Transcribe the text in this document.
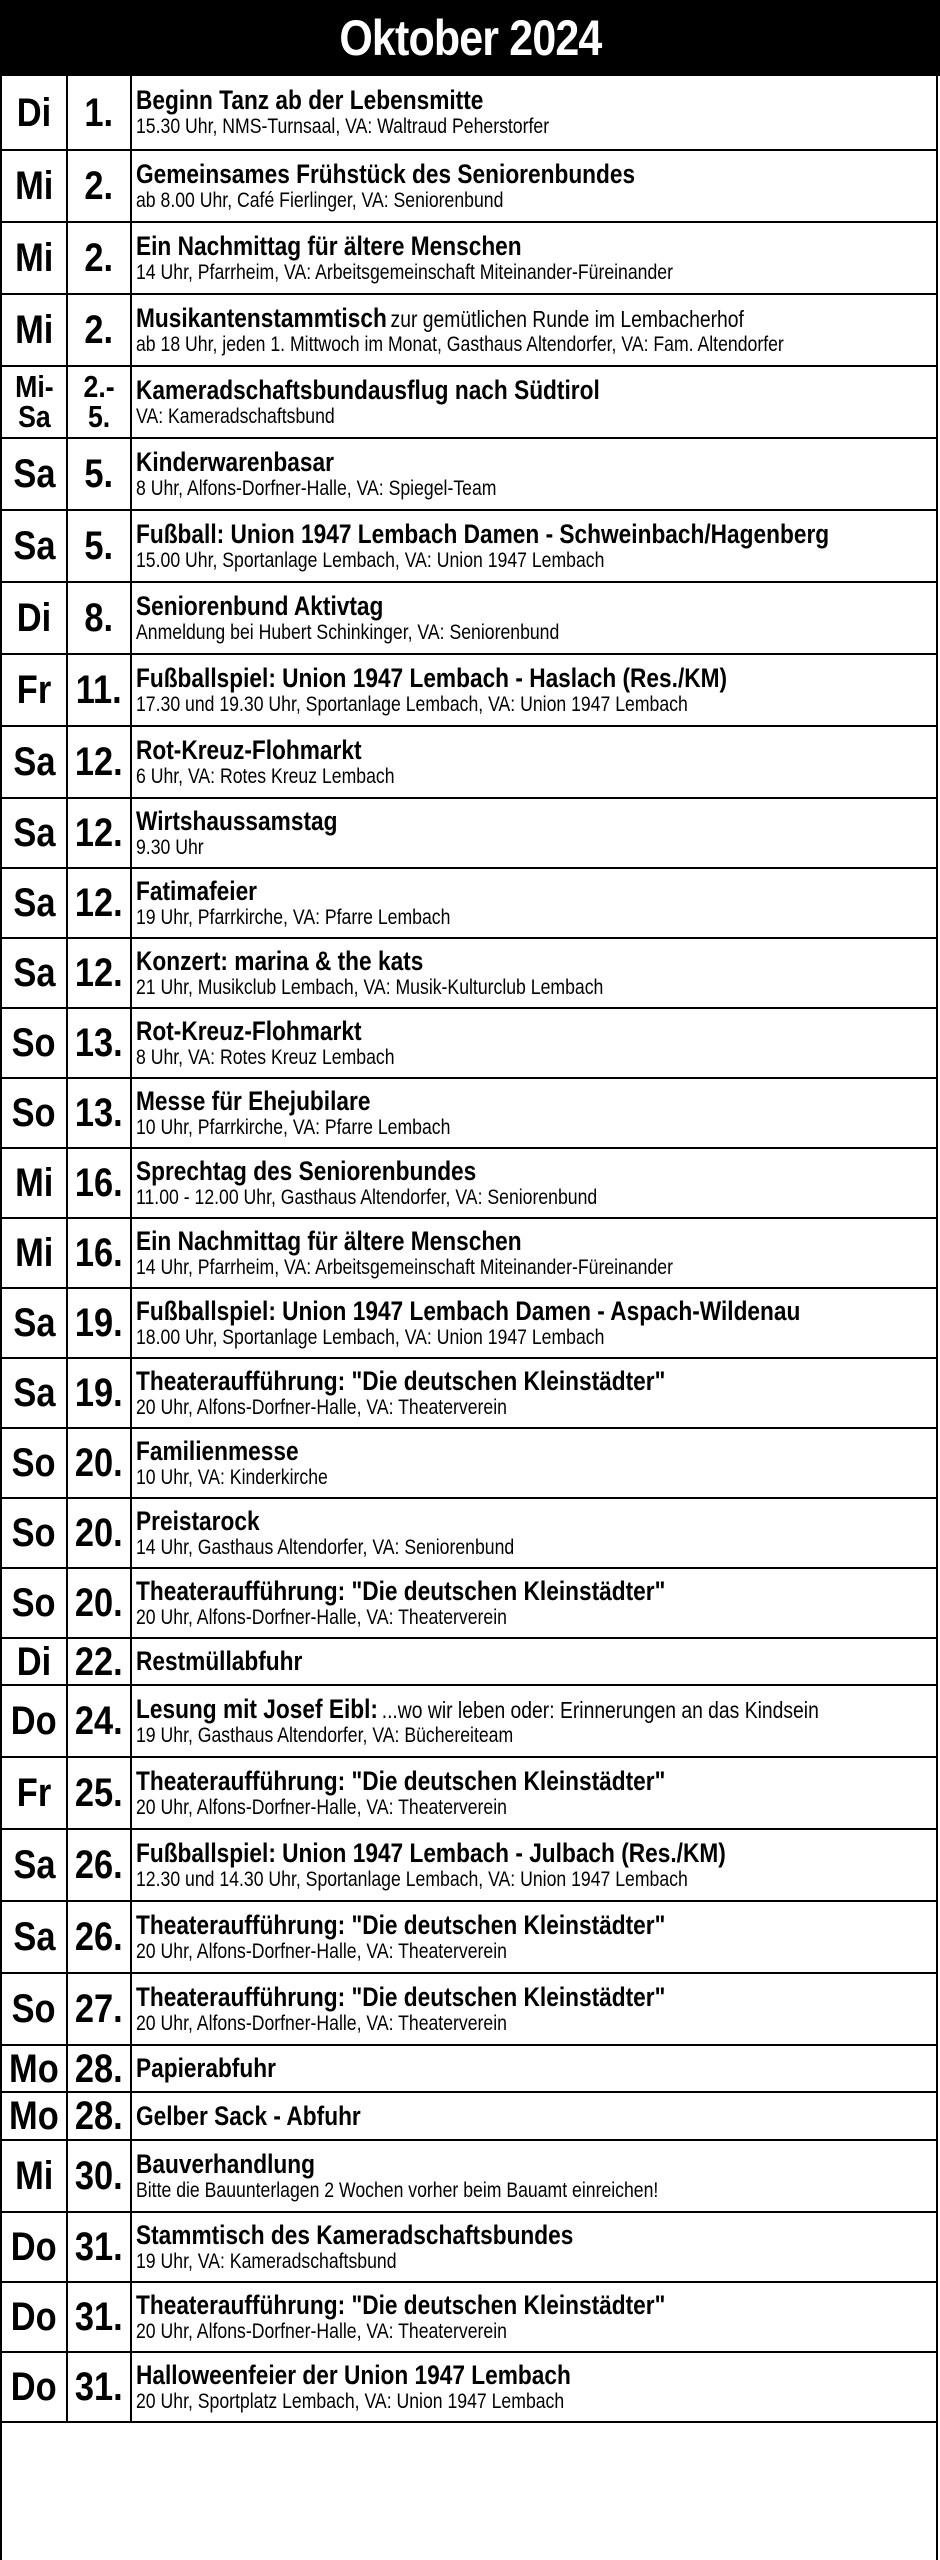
Oktober 2024
Di 1. Beginn Tanz ab der Lebensmitte
15.30 Uhr, NMS-Turnsaal, VA: Waltraud Peherstorfer
Mi 2. Gemeinsames Frühstück des Seniorenbundes
ab 8.00 Uhr, Café Fierlinger, VA: Seniorenbund
Mi 2. Ein Nachmittag für ältere Menschen
14 Uhr, Pfarrheim, VA: Arbeitsgemeinschaft Miteinander-Füreinander
Mi 2. Musikantenstammtisch zur gemütlichen Runde im Lembacherhof
ab 18 Uhr, jeden 1. Mittwoch im Monat, Gasthaus Altendorfer, VA: Fam. Altendorfer
Mi-
Sa
2.-
5.
Kameradschaftsbundausflug nach Südtirol
VA: Kameradschaftsbund
Sa 5. Kinderwarenbasar
8 Uhr, Alfons-Dorfner-Halle, VA: Spiegel-Team
Sa 5. Fußball: Union 1947 Lembach Damen - Schweinbach/Hagenberg
15.00 Uhr, Sportanlage Lembach, VA: Union 1947 Lembach
Di 8. Seniorenbund Aktivtag
Anmeldung bei Hubert Schinkinger, VA: Seniorenbund
Fr 11. Fußballspiel: Union 1947 Lembach - Haslach (Res./KM)
17.30 und 19.30 Uhr, Sportanlage Lembach, VA: Union 1947 Lembach
Sa 12. Rot-Kreuz-Flohmarkt
6 Uhr, VA: Rotes Kreuz Lembach
Sa 12. Wirtshaussamstag
9.30 Uhr
Sa 12. Fatimafeier
19 Uhr, Pfarrkirche, VA: Pfarre Lembach
Sa 12. Konzert: marina & the kats
21 Uhr, Musikclub Lembach, VA: Musik-Kulturclub Lembach
So 13. Rot-Kreuz-Flohmarkt
8 Uhr, VA: Rotes Kreuz Lembach
So 13. Messe für Ehejubilare
10 Uhr, Pfarrkirche, VA: Pfarre Lembach
Mi 16. Sprechtag des Seniorenbundes
11.00 - 12.00 Uhr, Gasthaus Altendorfer, VA: Seniorenbund
Mi 16. Ein Nachmittag für ältere Menschen
14 Uhr, Pfarrheim, VA: Arbeitsgemeinschaft Miteinander-Füreinander
Sa 19. Fußballspiel: Union 1947 Lembach Damen - Aspach-Wildenau
18.00 Uhr, Sportanlage Lembach, VA: Union 1947 Lembach
Sa 19. Theateraufführung: "Die deutschen Kleinstädter"
20 Uhr, Alfons-Dorfner-Halle, VA: Theaterverein
So 20. Familienmesse
10 Uhr, VA: Kinderkirche
So 20. Preistarock
14 Uhr, Gasthaus Altendorfer, VA: Seniorenbund
So 20. Theateraufführung: "Die deutschen Kleinstädter"
20 Uhr, Alfons-Dorfner-Halle, VA: Theaterverein
Di 22. Restmüllabfuhr
Do 24. Lesung mit Josef Eibl: ...wo wir leben oder: Erinnerungen an das Kindsein
19 Uhr, Gasthaus Altendorfer, VA: Büchereiteam
Fr 25. Theateraufführung: "Die deutschen Kleinstädter"
20 Uhr, Alfons-Dorfner-Halle, VA: Theaterverein
Sa 26. Fußballspiel: Union 1947 Lembach - Julbach (Res./KM)
12.30 und 14.30 Uhr, Sportanlage Lembach, VA: Union 1947 Lembach
Sa 26. Theateraufführung: "Die deutschen Kleinstädter"
20 Uhr, Alfons-Dorfner-Halle, VA: Theaterverein
So 27. Theateraufführung: "Die deutschen Kleinstädter"
20 Uhr, Alfons-Dorfner-Halle, VA: Theaterverein
Mo 28. Papierabfuhr
Mo 28. Gelber Sack - Abfuhr
Mi 30. Bauverhandlung
Bitte die Bauunterlagen 2 Wochen vorher beim Bauamt einreichen!
Do 31. Stammtisch des Kameradschaftsbundes
19 Uhr, VA: Kameradschaftsbund
Do 31. Theateraufführung: "Die deutschen Kleinstädter"
20 Uhr, Alfons-Dorfner-Halle, VA: Theaterverein
Do 31. Halloweenfeier der Union 1947 Lembach
20 Uhr, Sportplatz Lembach, VA: Union 1947 Lembach
